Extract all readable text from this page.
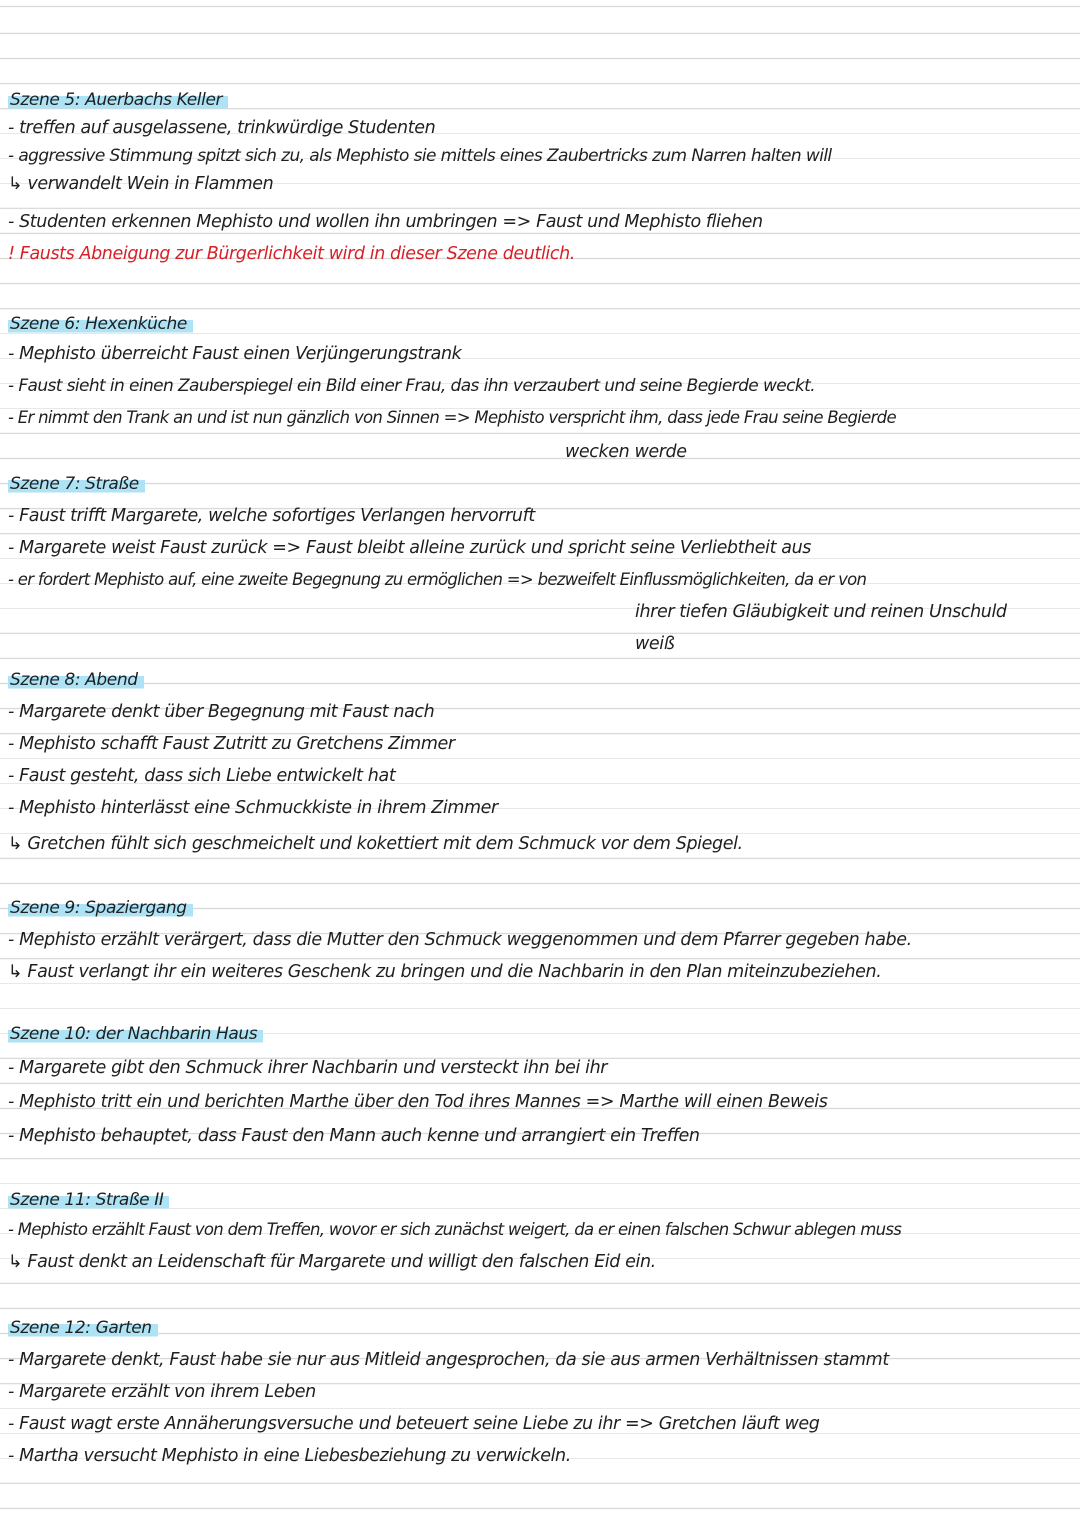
Szene 5: Auerbachs Keller
- treffen auf ausgelassene, trinkwürdige Studenten
- aggressive Stimmung spitzt sich zu, als Mephisto sie mittels eines Zaubertricks zum Narren halten will
↳ verwandelt Wein in Flammen
- Studenten erkennen Mephisto und wollen ihn umbringen => Faust und Mephisto fliehen
! Fausts Abneigung zur Bürgerlichkeit wird in dieser Szene deutlich.
Szene 6: Hexenküche
- Mephisto überreicht Faust einen Verjüngerungstrank
- Faust sieht in einen Zauberspiegel ein Bild einer Frau, das ihn verzaubert und seine Begierde weckt.
- Er nimmt den Trank an und ist nun gänzlich von Sinnen => Mephisto verspricht ihm, dass jede Frau seine Begierde
wecken werde
Szene 7: Straße
- Faust trifft Margarete, welche sofortiges Verlangen hervorruft
- Margarete weist Faust zurück => Faust bleibt alleine zurück und spricht seine Verliebtheit aus
- er fordert Mephisto auf, eine zweite Begegnung zu ermöglichen => bezweifelt Einflussmöglichkeiten, da er von
ihrer tiefen Gläubigkeit und reinen Unschuld
weiß
Szene 8: Abend
- Margarete denkt über Begegnung mit Faust nach
- Mephisto schafft Faust Zutritt zu Gretchens Zimmer
- Faust gesteht, dass sich Liebe entwickelt hat
- Mephisto hinterlässt eine Schmuckkiste in ihrem Zimmer
↳ Gretchen fühlt sich geschmeichelt und kokettiert mit dem Schmuck vor dem Spiegel.
Szene 9: Spaziergang
- Mephisto erzählt verärgert, dass die Mutter den Schmuck weggenommen und dem Pfarrer gegeben habe.
↳ Faust verlangt ihr ein weiteres Geschenk zu bringen und die Nachbarin in den Plan miteinzubeziehen.
Szene 10: der Nachbarin Haus
- Margarete gibt den Schmuck ihrer Nachbarin und versteckt ihn bei ihr
- Mephisto tritt ein und berichten Marthe über den Tod ihres Mannes => Marthe will einen Beweis
- Mephisto behauptet, dass Faust den Mann auch kenne und arrangiert ein Treffen
Szene 11: Straße II
- Mephisto erzählt Faust von dem Treffen, wovor er sich zunächst weigert, da er einen falschen Schwur ablegen muss
↳ Faust denkt an Leidenschaft für Margarete und willigt den falschen Eid ein.
Szene 12: Garten
- Margarete denkt, Faust habe sie nur aus Mitleid angesprochen, da sie aus armen Verhältnissen stammt
- Margarete erzählt von ihrem Leben
- Faust wagt erste Annäherungsversuche und beteuert seine Liebe zu ihr => Gretchen läuft weg
- Martha versucht Mephisto in eine Liebesbeziehung zu verwickeln.
